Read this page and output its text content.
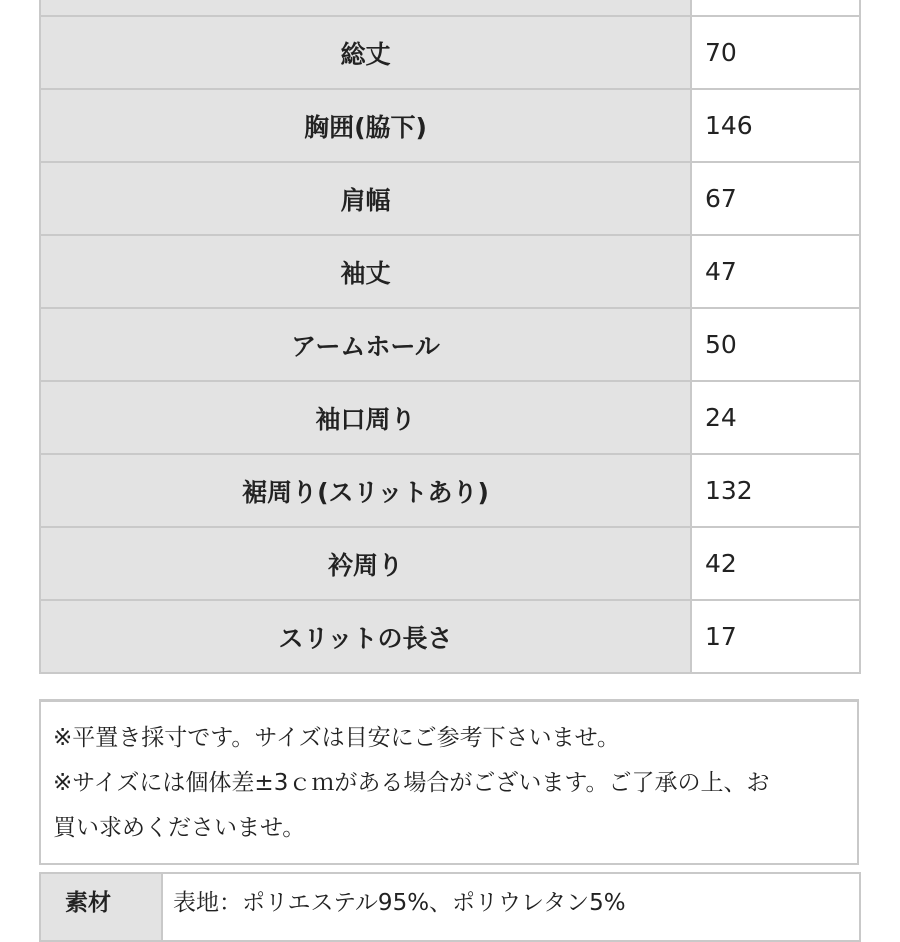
総丈	70
胸囲(脇下)	146
肩幅	67
袖丈	47
アームホール	50
袖口周り	24
裾周り(スリットあり)	132
衿周り	42
スリットの長さ	17

※平置き採寸です。サイズは目安にご参考下さいませ。

※サイズには個体差±3ｃｍがある場合がございます。ご了承の上、お

買い求めくださいませ。

素材	表地：ポリエステル95%、ポリウレタン5%
